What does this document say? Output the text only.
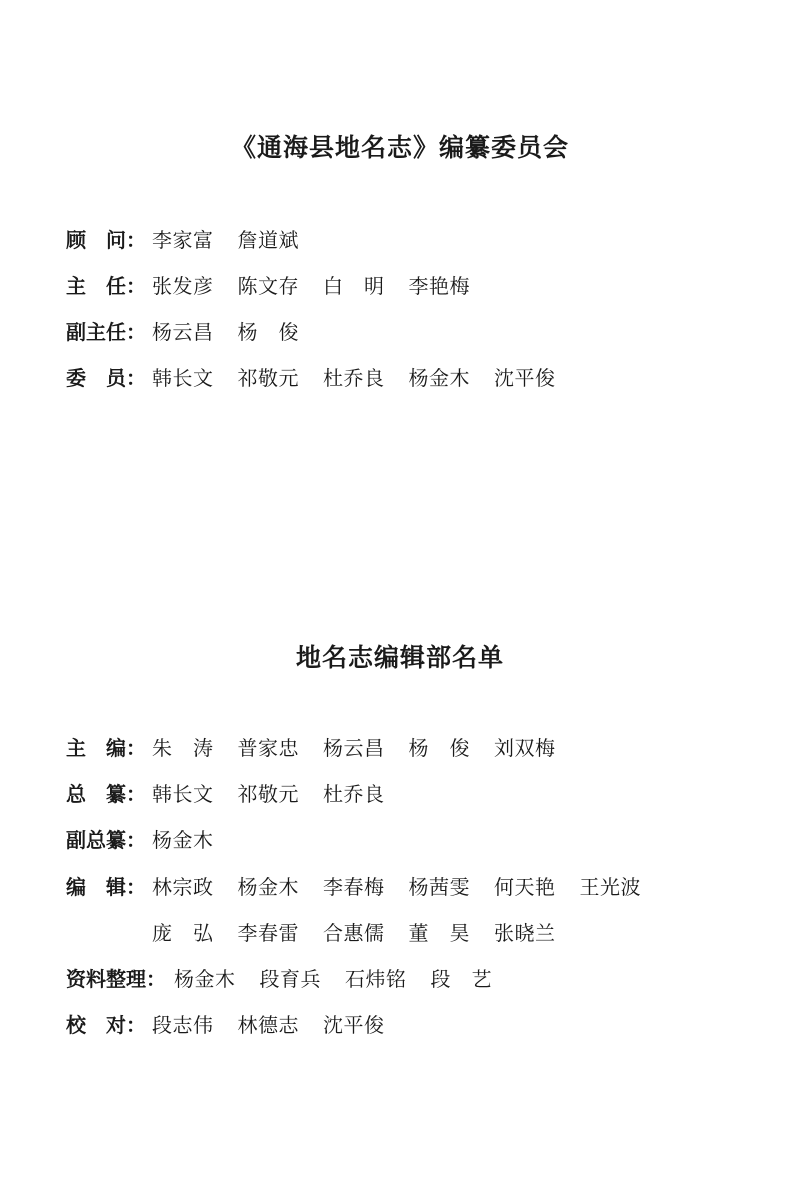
《通海县地名志》编纂委员会
顾　问： 李家富 詹道斌
主　任： 张发彦 陈文存 白　明 李艳梅
副主任： 杨云昌 杨　俊
委　员： 韩长文 祁敬元 杜乔良 杨金木 沈平俊
地名志编辑部名单
主　编： 朱　涛 普家忠 杨云昌 杨　俊 刘双梅
总　纂： 韩长文 祁敬元 杜乔良
副总纂： 杨金木
编　辑： 林宗政 杨金木 李春梅 杨茜雯 何天艳 王光波
庞　弘 李春雷 合惠儒 董　昊 张晓兰
资料整理： 杨金木 段育兵 石炜铭 段　艺
校　对： 段志伟 林德志 沈平俊
